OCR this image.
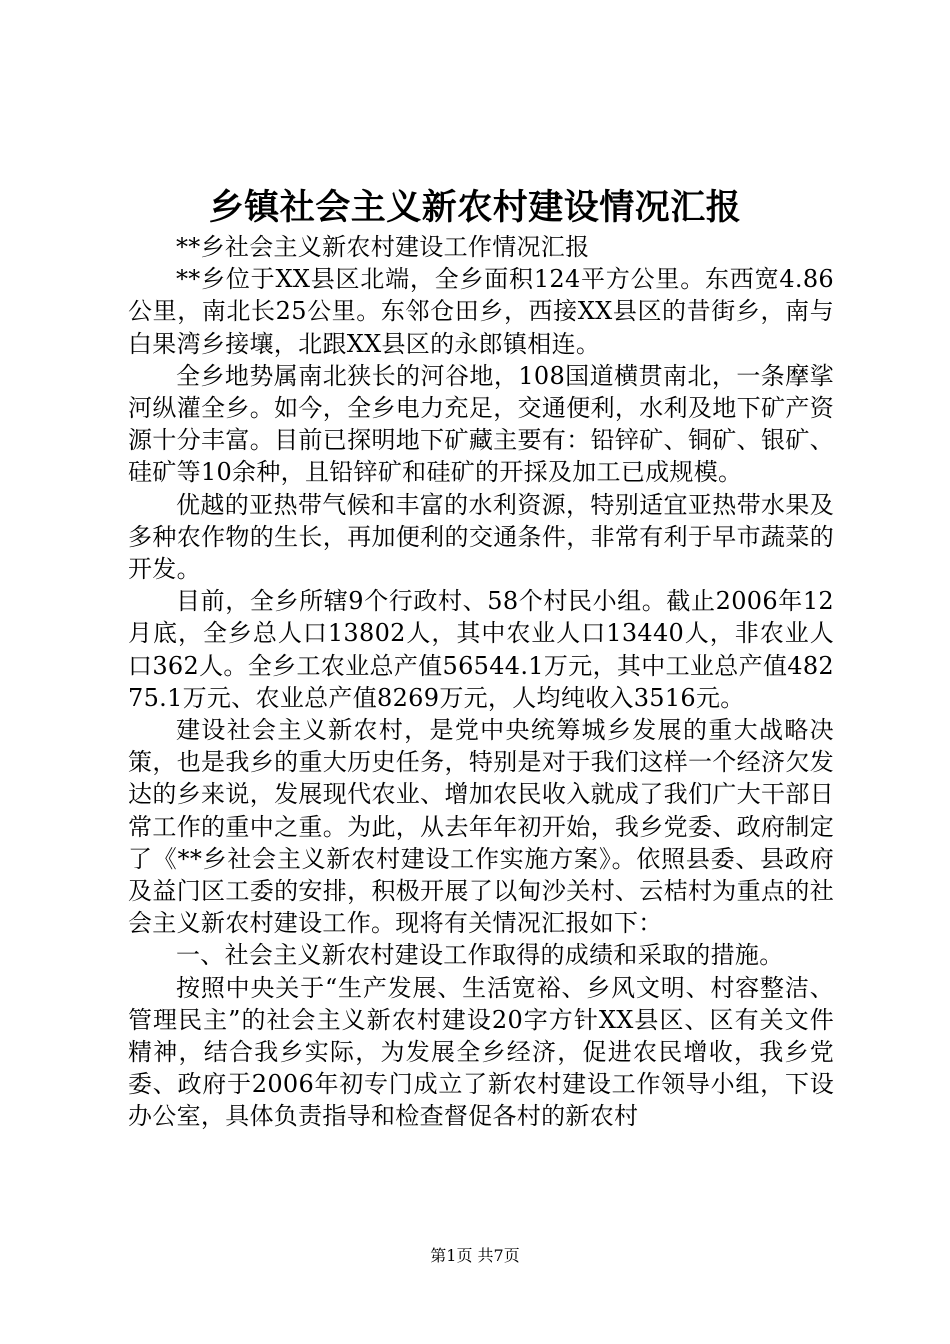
乡镇社会主义新农村建设情况汇报

**乡社会主义新农村建设工作情况汇报

**乡位于XX县区北端，全乡面积124平方公里。东西宽4.86公里，南北长25公里。东邻仓田乡，西接XX县区的昔街乡，南与白果湾乡接壤，北跟XX县区的永郎镇相连。

全乡地势属南北狭长的河谷地，108国道横贯南北，一条摩挲河纵灌全乡。如今，全乡电力充足，交通便利，水利及地下矿产资源十分丰富。目前已探明地下矿藏主要有：铅锌矿、铜矿、银矿、硅矿等10余种，且铅锌矿和硅矿的开採及加工已成规模。

优越的亚热带气候和丰富的水利资源，特别适宜亚热带水果及多种农作物的生长，再加便利的交通条件，非常有利于早市蔬菜的开发。

目前，全乡所辖9个行政村、58个村民小组。截止2006年12月底，全乡总人口13802人，其中农业人口13440人，非农业人口362人。全乡工农业总产值56544.1万元，其中工业总产值48275.1万元、农业总产值8269万元，人均纯收入3516元。

建设社会主义新农村，是党中央统筹城乡发展的重大战略决策，也是我乡的重大历史任务，特别是对于我们这样一个经济欠发达的乡来说，发展现代农业、增加农民收入就成了我们广大干部日常工作的重中之重。为此，从去年年初开始，我乡党委、政府制定了《**乡社会主义新农村建设工作实施方案》。依照县委、县政府及益门区工委的安排，积极开展了以甸沙关村、云桔村为重点的社会主义新农村建设工作。现将有关情况汇报如下：

一、社会主义新农村建设工作取得的成绩和采取的措施。

按照中央关于“生产发展、生活宽裕、乡风文明、村容整洁、管理民主”的社会主义新农村建设20字方针XX县区、区有关文件精神，结合我乡实际，为发展全乡经济，促进农民增收，我乡党委、政府于2006年初专门成立了新农村建设工作领导小组，下设办公室，具体负责指导和检查督促各村的新农村

第1页 共7页
